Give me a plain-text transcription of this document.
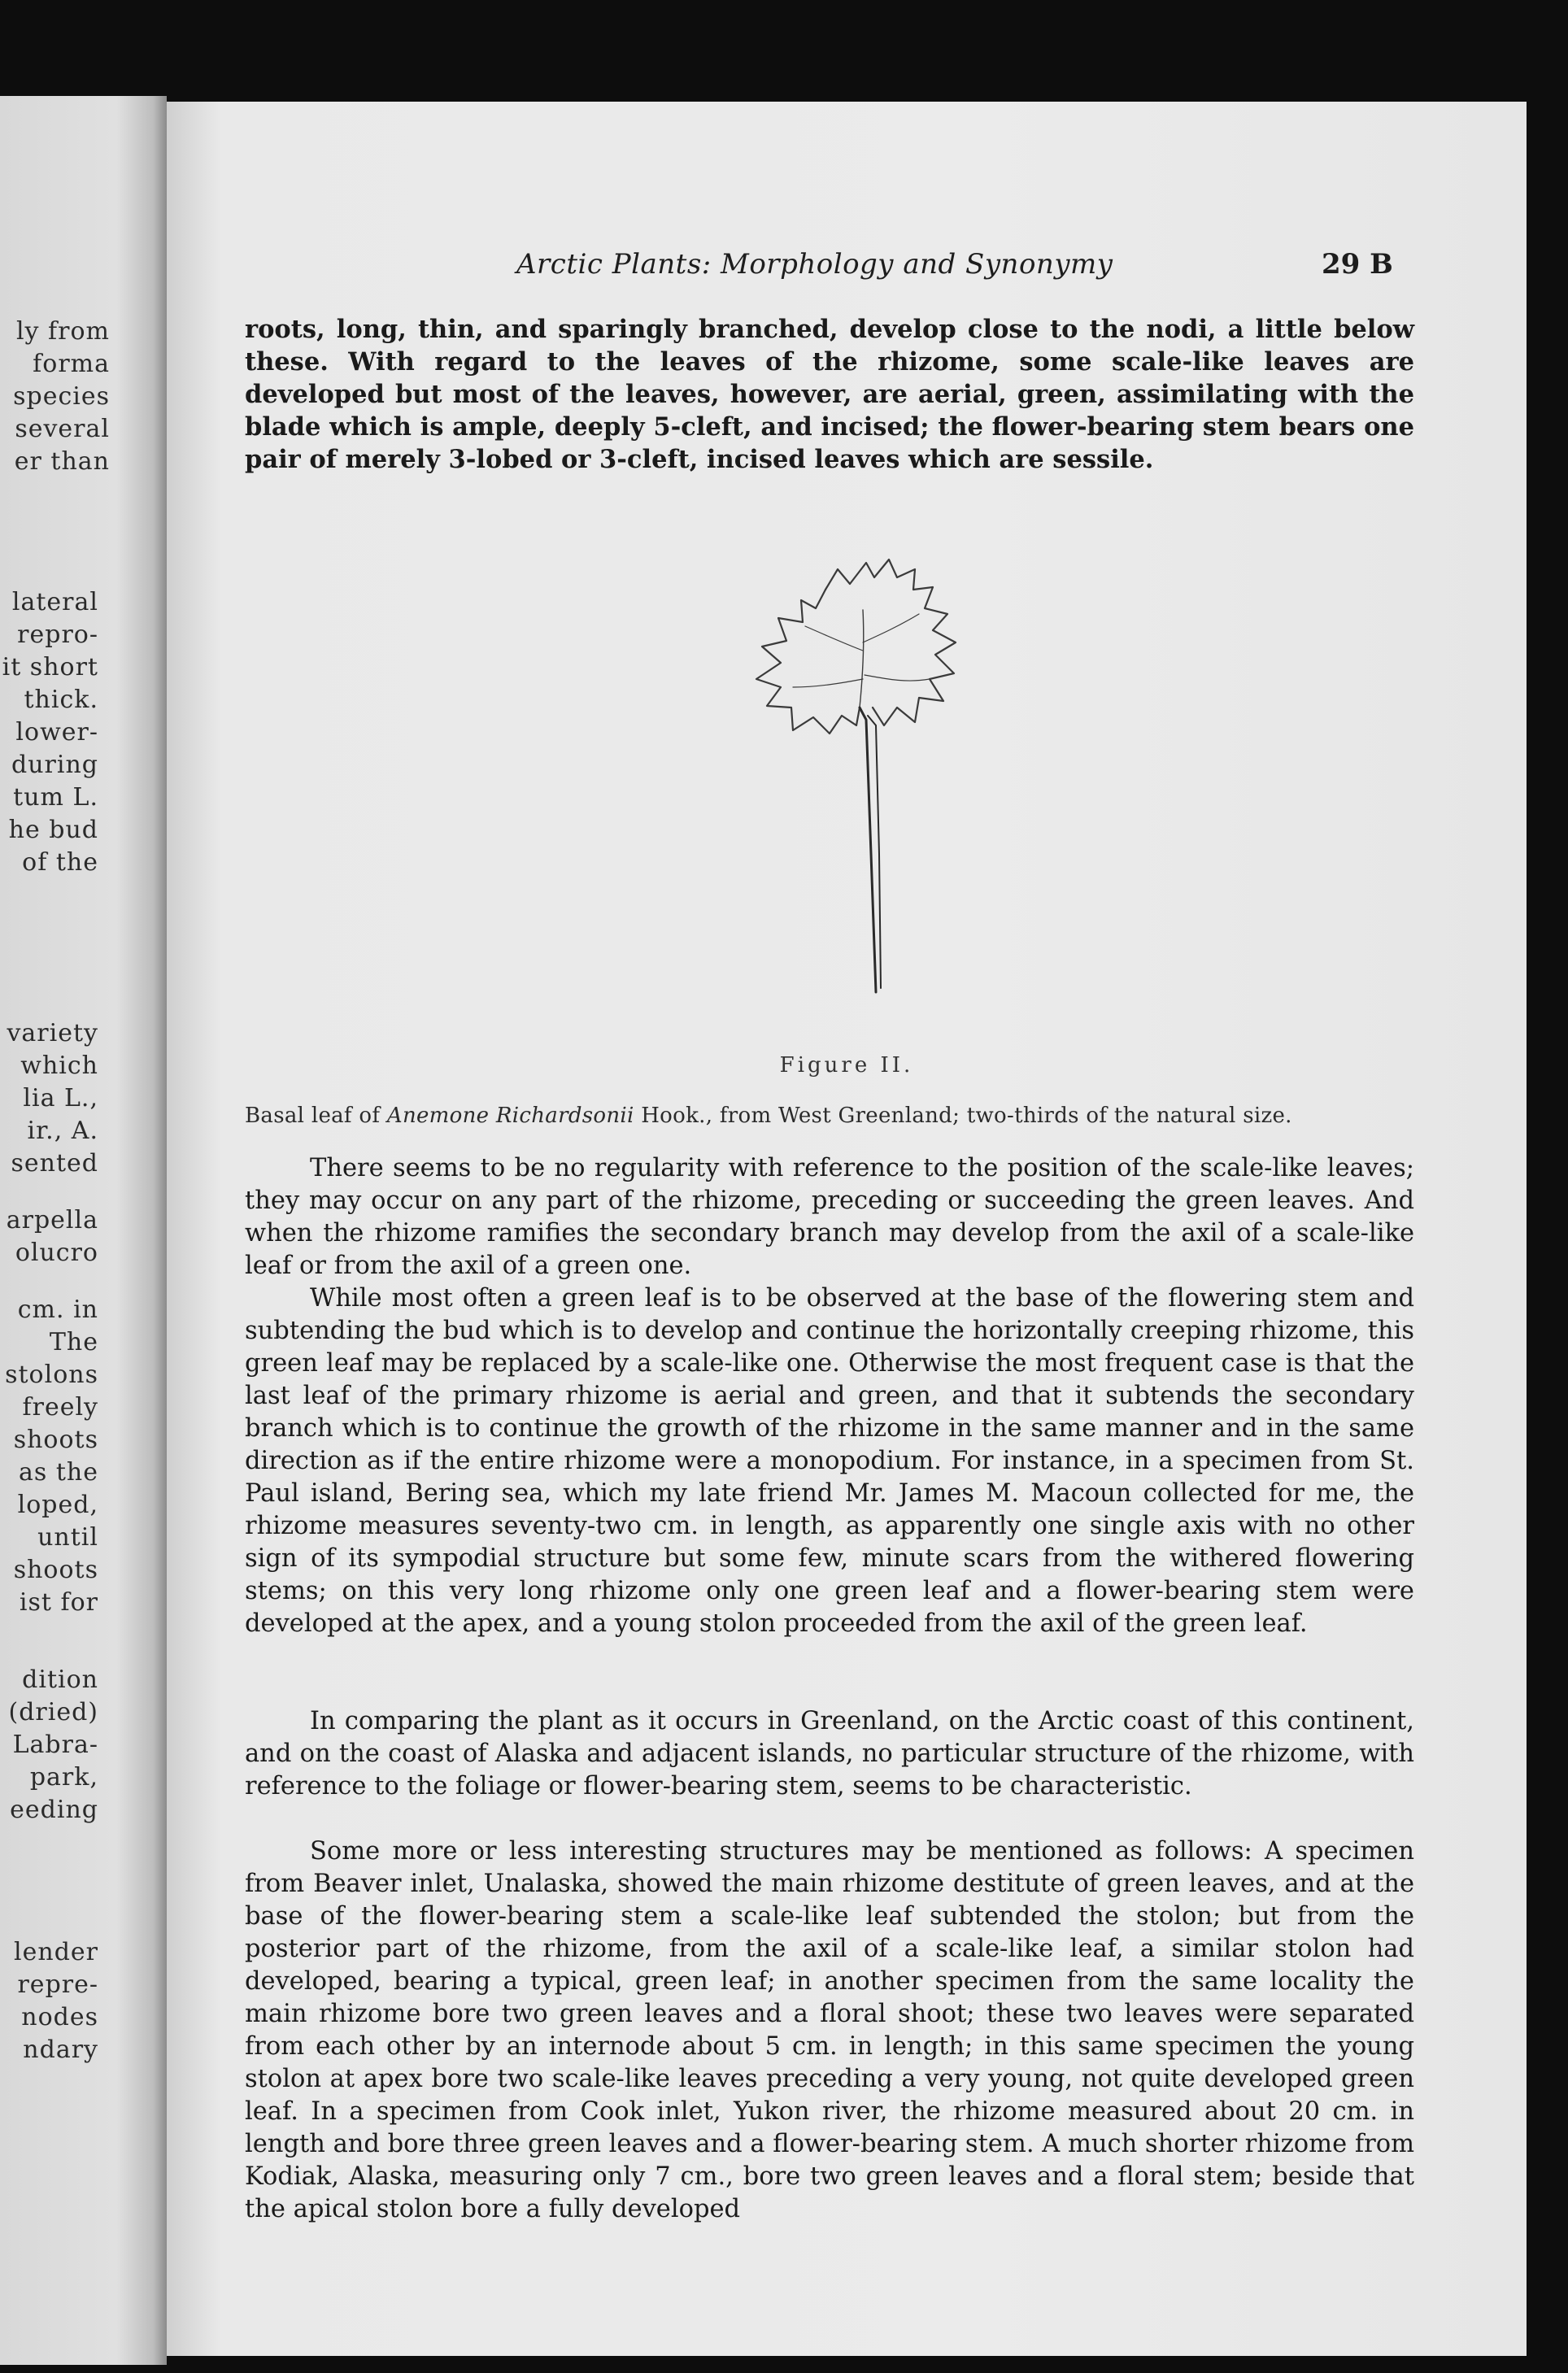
ly from
forma
species
several
er than
lateral
repro-
it short
thick.
lower-
during
tum L.
he bud
of the
variety
which
lia L.,
ir., A.
sented
arpella
olucro
cm. in
The
stolons
freely
shoots
as the
loped,
until
shoots
ist for
dition
(dried)
Labra-
park,
eeding
lender
repre-
nodes
ndary
Arctic Plants: Morphology and Synonymy	29 B
roots, long, thin, and sparingly branched, develop close to the nodi, a little below these. With regard to the leaves of the rhizome, some scale-like leaves are developed but most of the leaves, however, are aerial, green, assimilating with the blade which is ample, deeply 5-cleft, and incised; the flower-bearing stem bears one pair of merely 3-lobed or 3-cleft, incised leaves which are sessile.
Figure II.
Basal leaf of Anemone Richardsonii Hook., from West Greenland; two-thirds of the natural size.
There seems to be no regularity with reference to the position of the scale-like leaves; they may occur on any part of the rhizome, preceding or succeeding the green leaves. And when the rhizome ramifies the secondary branch may develop from the axil of a scale-like leaf or from the axil of a green one.
While most often a green leaf is to be observed at the base of the flowering stem and subtending the bud which is to develop and continue the horizontally creeping rhizome, this green leaf may be replaced by a scale-like one. Otherwise the most frequent case is that the last leaf of the primary rhizome is aerial and green, and that it subtends the secondary branch which is to continue the growth of the rhizome in the same manner and in the same direction as if the entire rhizome were a monopodium. For instance, in a specimen from St. Paul island, Bering sea, which my late friend Mr. James M. Macoun collected for me, the rhizome measures seventy-two cm. in length, as apparently one single axis with no other sign of its sympodial structure but some few, minute scars from the withered flowering stems; on this very long rhizome only one green leaf and a flower-bearing stem were developed at the apex, and a young stolon proceeded from the axil of the green leaf.
In comparing the plant as it occurs in Greenland, on the Arctic coast of this continent, and on the coast of Alaska and adjacent islands, no particular structure of the rhizome, with reference to the foliage or flower-bearing stem, seems to be characteristic.
Some more or less interesting structures may be mentioned as follows: A specimen from Beaver inlet, Unalaska, showed the main rhizome destitute of green leaves, and at the base of the flower-bearing stem a scale-like leaf subtended the stolon; but from the posterior part of the rhizome, from the axil of a scale-like leaf, a similar stolon had developed, bearing a typical, green leaf; in another specimen from the same locality the main rhizome bore two green leaves and a floral shoot; these two leaves were separated from each other by an internode about 5 cm. in length; in this same specimen the young stolon at apex bore two scale-like leaves preceding a very young, not quite developed green leaf. In a specimen from Cook inlet, Yukon river, the rhizome measured about 20 cm. in length and bore three green leaves and a flower-bearing stem. A much shorter rhizome from Kodiak, Alaska, measuring only 7 cm., bore two green leaves and a floral stem; beside that the apical stolon bore a fully developed
